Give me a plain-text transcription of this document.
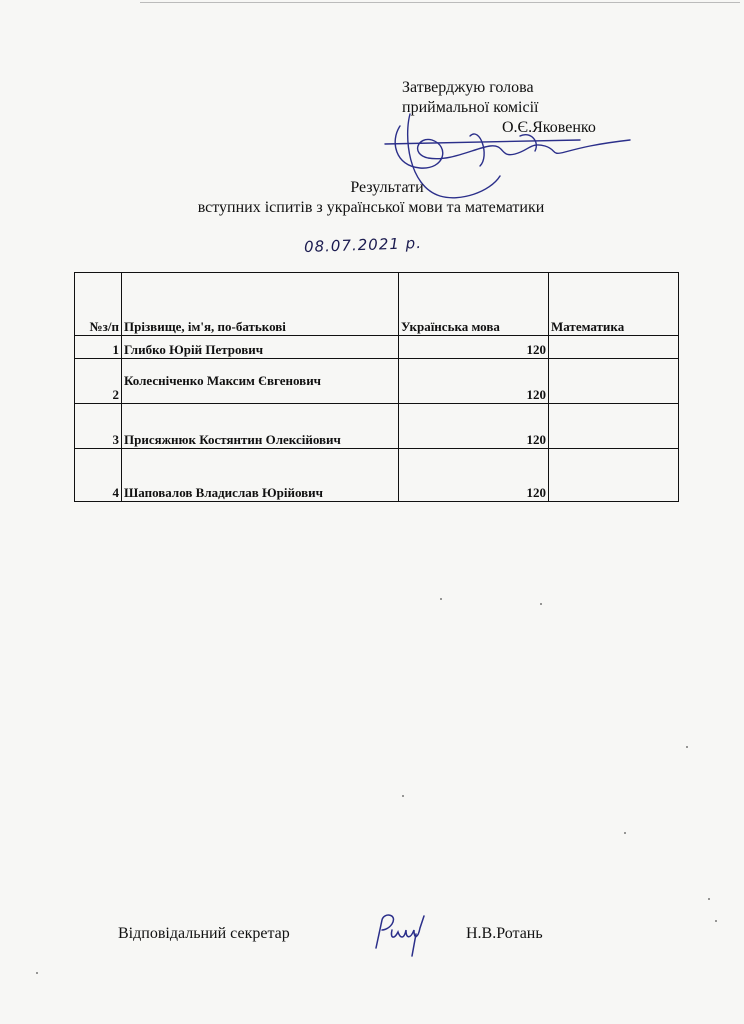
Затверджую голова
приймальної комісії
О.Є.Яковенко
Результати
вступних іспитів з української мови та математики
08.07.2021 р.
№з/п	Прізвище, ім'я, по-батькові	Українська мова	Математика
1	Глибко Юрій Петрович	120	
2	Колесніченко Максим Євгенович	120	
3	Присяжнюк Костянтин Олексійович	120	
4	Шаповалов Владислав Юрійович	120	
Відповідальний секретар	Н.В.Ротань
